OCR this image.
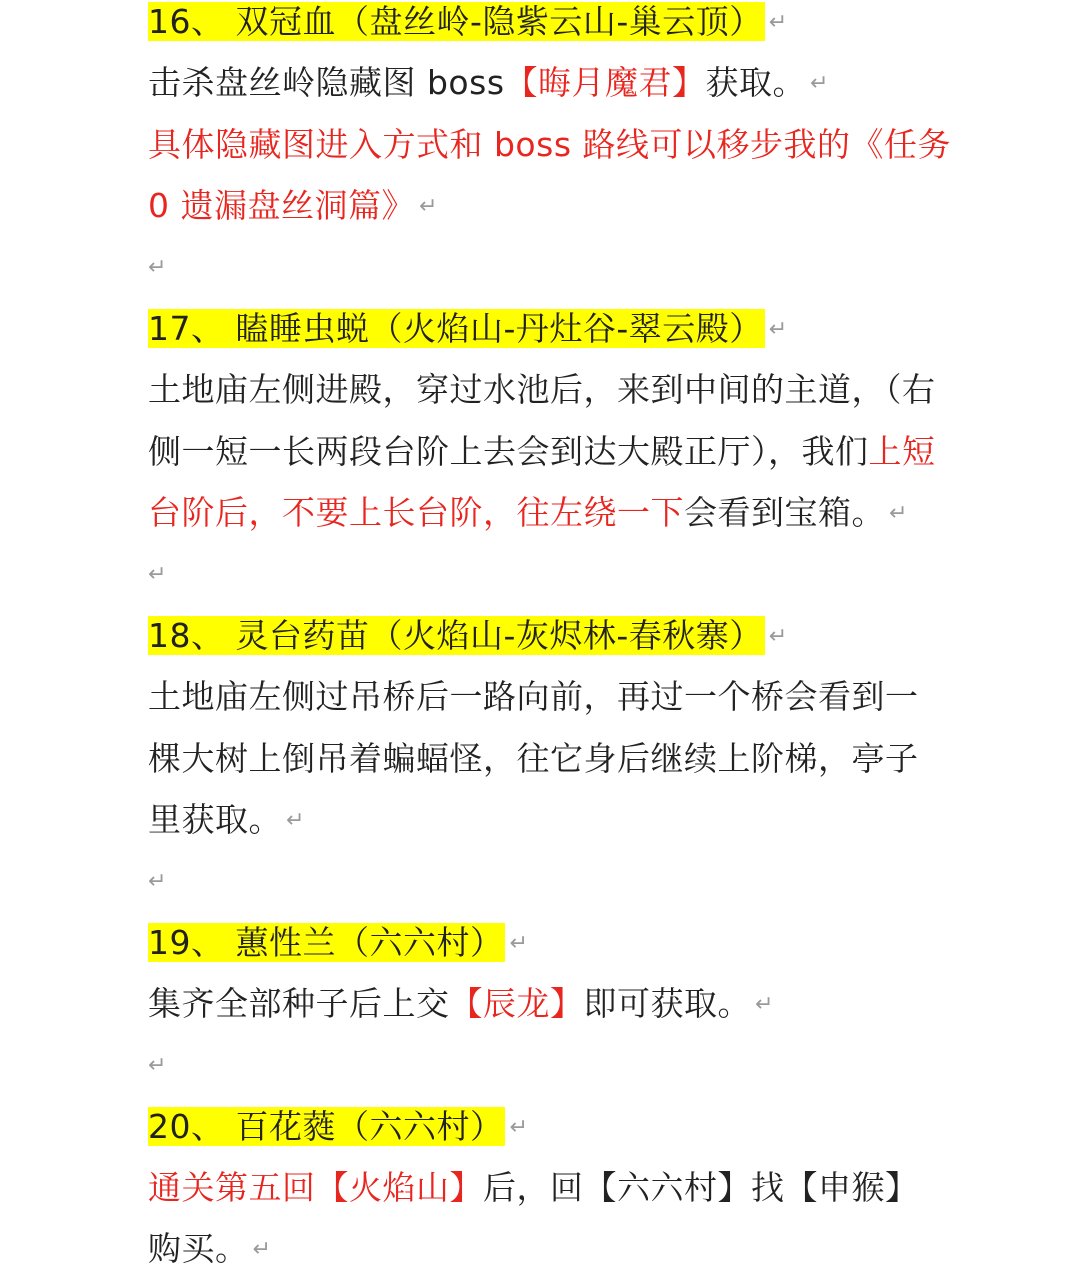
16、 双冠血（盘丝岭-隐紫云山-巢云顶） ↵
击杀盘丝岭隐藏图 boss【晦月魔君】获取。 ↵
具体隐藏图进入方式和 boss 路线可以移步我的《任务
0 遗漏盘丝洞篇》 ↵
↵
17、 瞌睡虫蜕（火焰山-丹灶谷-翠云殿） ↵
土地庙左侧进殿，穿过水池后，来到中间的主道，（右
侧一短一长两段台阶上去会到达大殿正厅），我们上短
台阶后，不要上长台阶，往左绕一下会看到宝箱。 ↵
↵
18、 灵台药苗（火焰山-灰烬林-春秋寨） ↵
土地庙左侧过吊桥后一路向前，再过一个桥会看到一
棵大树上倒吊着蝙蝠怪，往它身后继续上阶梯，亭子
里获取。 ↵
↵
19、 蕙性兰（六六村） ↵
集齐全部种子后上交【辰龙】即可获取。 ↵
↵
20、 百花蕤（六六村） ↵
通关第五回【火焰山】后，回【六六村】找【申猴】
购买。 ↵
